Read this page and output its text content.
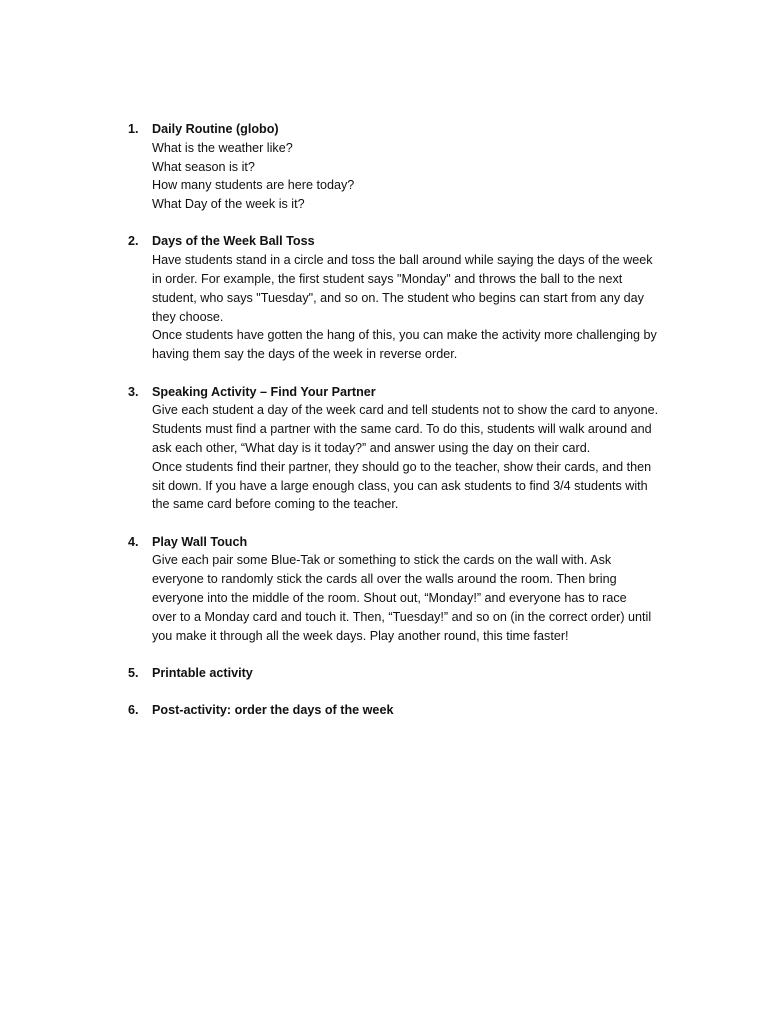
1. Daily Routine (globo)
What is the weather like?
What season is it?
How many students are here today?
What Day of the week is it?
2. Days of the Week Ball Toss
Have students stand in a circle and toss the ball around while saying the days of the week
in order. For example, the first student says "Monday" and throws the ball to the next
student, who says "Tuesday", and so on. The student who begins can start from any day
they choose.
Once students have gotten the hang of this, you can make the activity more challenging by
having them say the days of the week in reverse order.
3. Speaking Activity – Find Your Partner
Give each student a day of the week card and tell students not to show the card to anyone.
Students must find a partner with the same card. To do this, students will walk around and
ask each other, “What day is it today?” and answer using the day on their card.
Once students find their partner, they should go to the teacher, show their cards, and then
sit down. If you have a large enough class, you can ask students to find 3/4 students with
the same card before coming to the teacher.
4. Play Wall Touch
Give each pair some Blue-Tak or something to stick the cards on the wall with. Ask
everyone to randomly stick the cards all over the walls around the room. Then bring
everyone into the middle of the room. Shout out, “Monday!” and everyone has to race
over to a Monday card and touch it. Then, “Tuesday!” and so on (in the correct order) until
you make it through all the week days. Play another round, this time faster!
5. Printable activity
6. Post-activity: order the days of the week
